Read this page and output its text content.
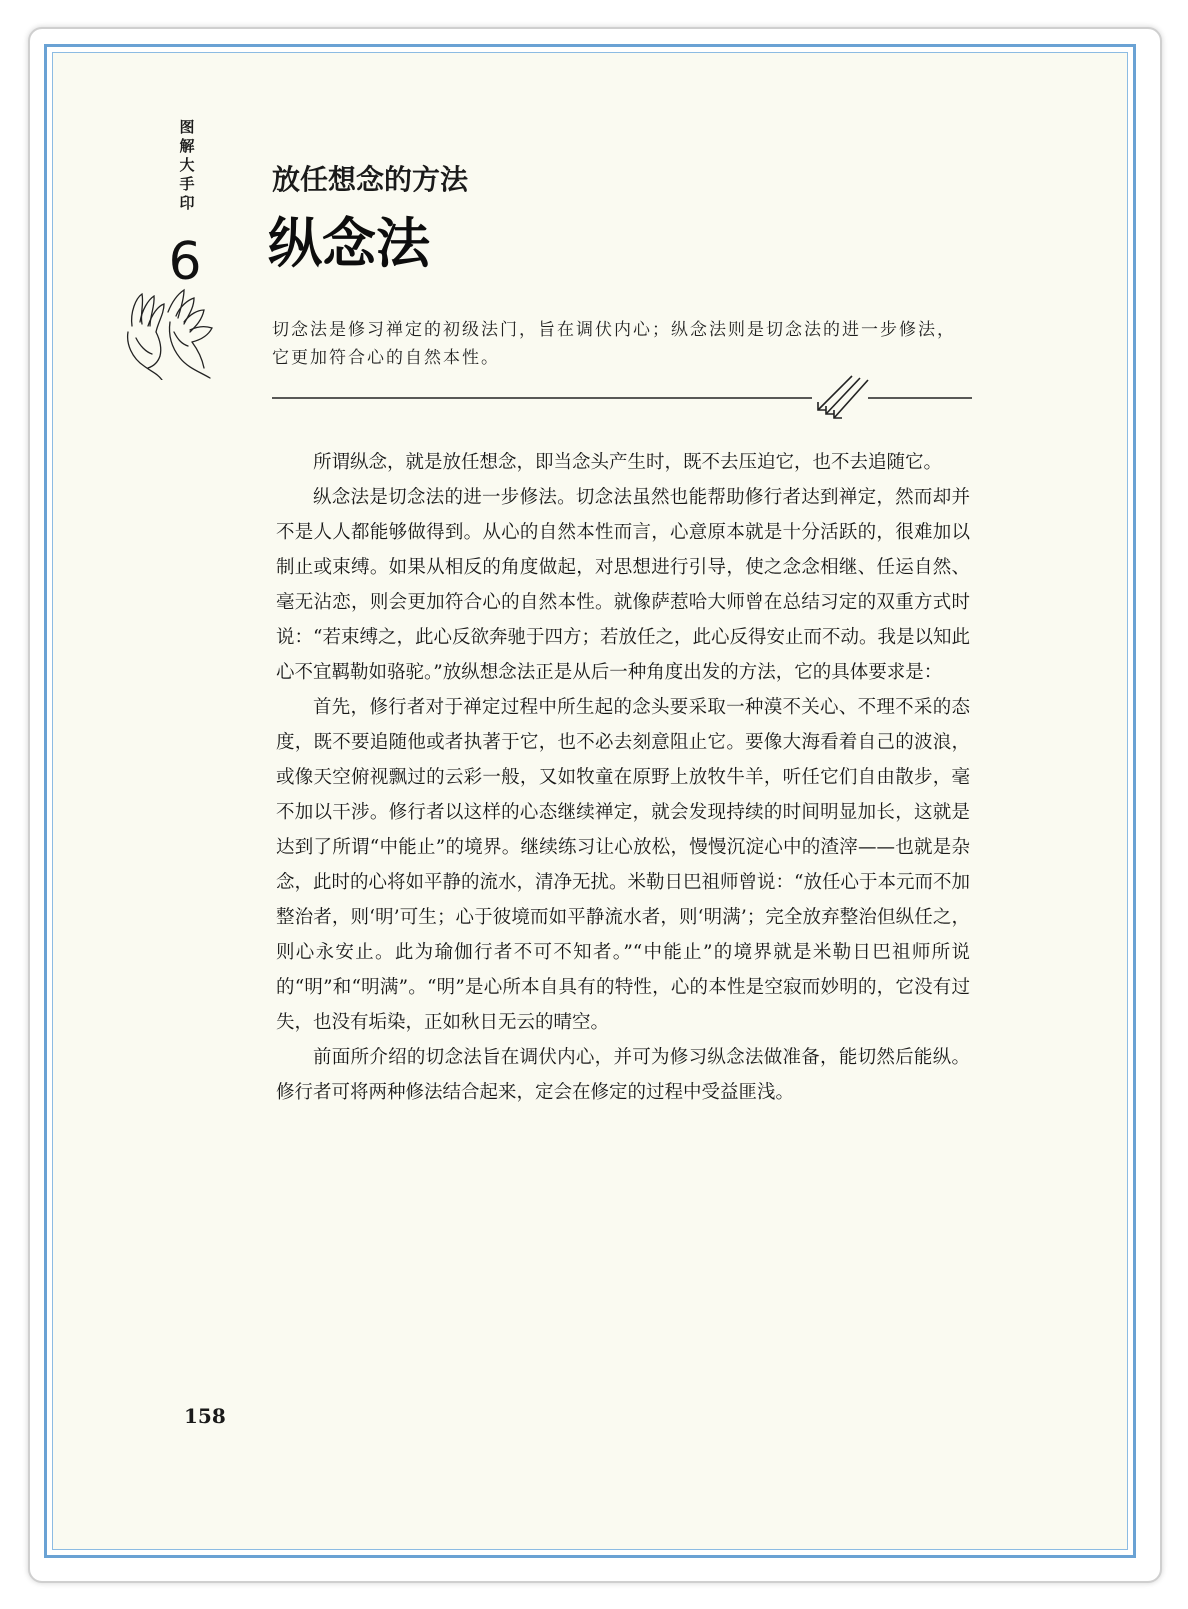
图解大手印
6
放任想念的方法
纵念法

切念法是修习禅定的初级法门，旨在调伏内心；纵念法则是切念法的进一步修法，它更加符合心的自然本性。

所谓纵念，就是放任想念，即当念头产生时，既不去压迫它，也不去追随它。

纵念法是切念法的进一步修法。切念法虽然也能帮助修行者达到禅定，然而却并不是人人都能够做得到。从心的自然本性而言，心意原本就是十分活跃的，很难加以制止或束缚。如果从相反的角度做起，对思想进行引导，使之念念相继、任运自然、毫无沾恋，则会更加符合心的自然本性。就像萨惹哈大师曾在总结习定的双重方式时说：“若束缚之，此心反欲奔驰于四方；若放任之，此心反得安止而不动。我是以知此心不宜羁勒如骆驼。”放纵想念法正是从后一种角度出发的方法，它的具体要求是：

首先，修行者对于禅定过程中所生起的念头要采取一种漠不关心、不理不采的态度，既不要追随他或者执著于它，也不必去刻意阻止它。要像大海看着自己的波浪，或像天空俯视飘过的云彩一般，又如牧童在原野上放牧牛羊，听任它们自由散步，毫不加以干涉。修行者以这样的心态继续禅定，就会发现持续的时间明显加长，这就是达到了所谓“中能止”的境界。继续练习让心放松，慢慢沉淀心中的渣滓——也就是杂念，此时的心将如平静的流水，清净无扰。米勒日巴祖师曾说：“放任心于本元而不加整治者，则‘明’可生；心于彼境而如平静流水者，则‘明满’；完全放弃整治但纵任之，则心永安止。此为瑜伽行者不可不知者。”“中能止”的境界就是米勒日巴祖师所说的“明”和“明满”。“明”是心所本自具有的特性，心的本性是空寂而妙明的，它没有过失，也没有垢染，正如秋日无云的晴空。

前面所介绍的切念法旨在调伏内心，并可为修习纵念法做准备，能切然后能纵。修行者可将两种修法结合起来，定会在修定的过程中受益匪浅。

158
